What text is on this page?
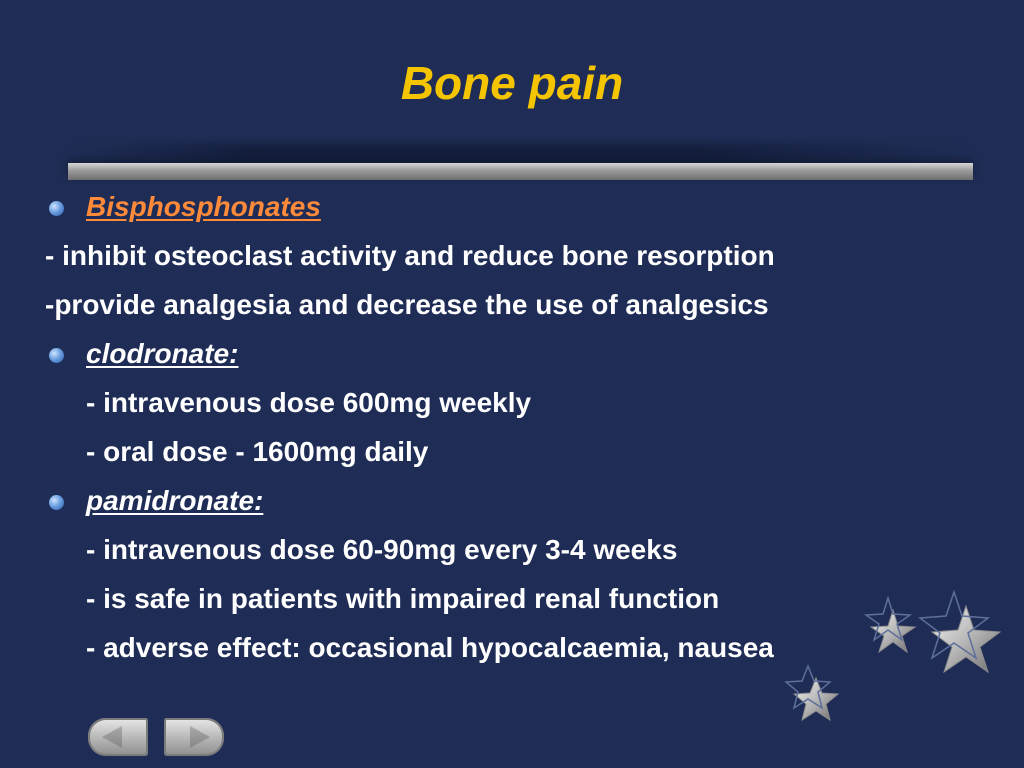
Bone pain
Bisphosphonates
- inhibit osteoclast activity and reduce bone resorption
-provide analgesia and decrease the use of analgesics
clodronate:
- intravenous dose 600mg weekly
- oral dose - 1600mg daily
pamidronate:
- intravenous dose 60-90mg every 3-4 weeks
- is safe in patients with impaired renal function
- adverse effect: occasional hypocalcaemia, nausea
